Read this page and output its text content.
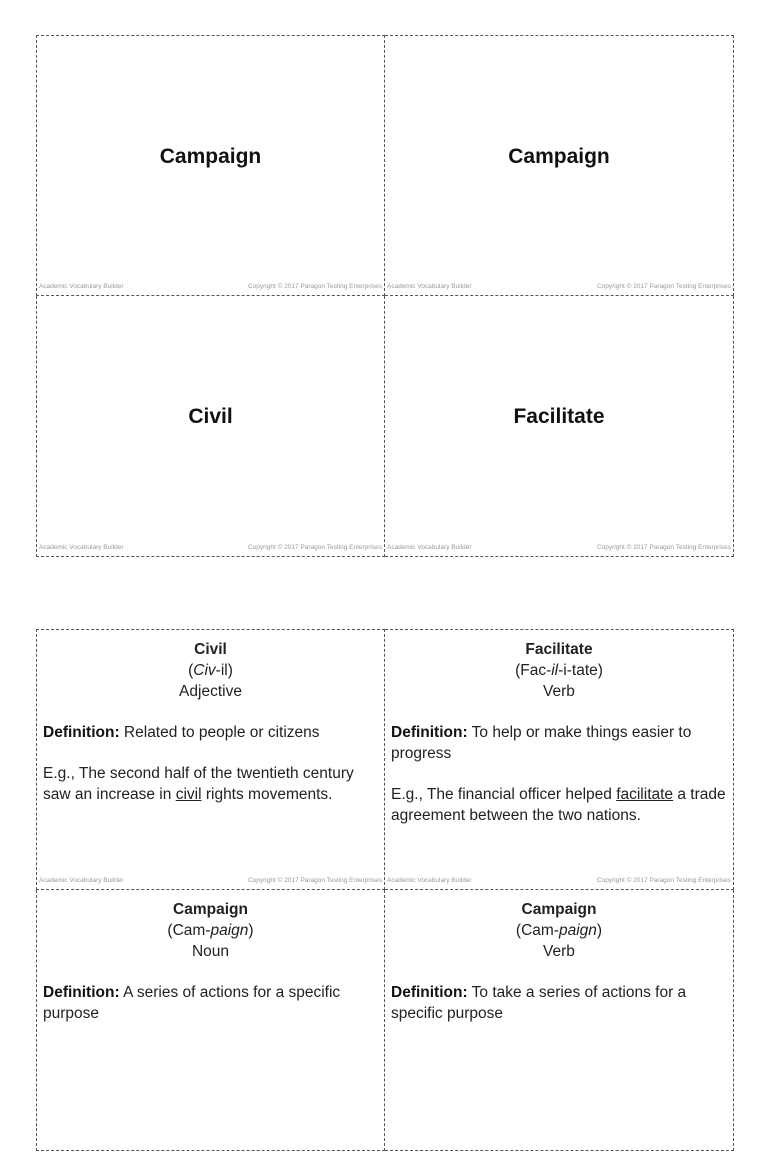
Campaign
Academic Vocabulary Builder	Copyright © 2017 Paragon Testing Enterprises
Campaign
Academic Vocabulary Builder	Copyright © 2017 Paragon Testing Enterprises
Civil
Academic Vocabulary Builder	Copyright © 2017 Paragon Testing Enterprises
Facilitate
Academic Vocabulary Builder	Copyright © 2017 Paragon Testing Enterprises
Civil
(Civ-il)
Adjective
Definition: Related to people or citizens
E.g., The second half of the twentieth century saw an increase in civil rights movements.
Academic Vocabulary Builder	Copyright © 2017 Paragon Testing Enterprises
Facilitate
(Fac-il-i-tate)
Verb
Definition: To help or make things easier to progress
E.g., The financial officer helped facilitate a trade agreement between the two nations.
Academic Vocabulary Builder	Copyright © 2017 Paragon Testing Enterprises
Campaign
(Cam-paign)
Noun
Definition: A series of actions for a specific purpose
Campaign
(Cam-paign)
Verb
Definition: To take a series of actions for a specific purpose
